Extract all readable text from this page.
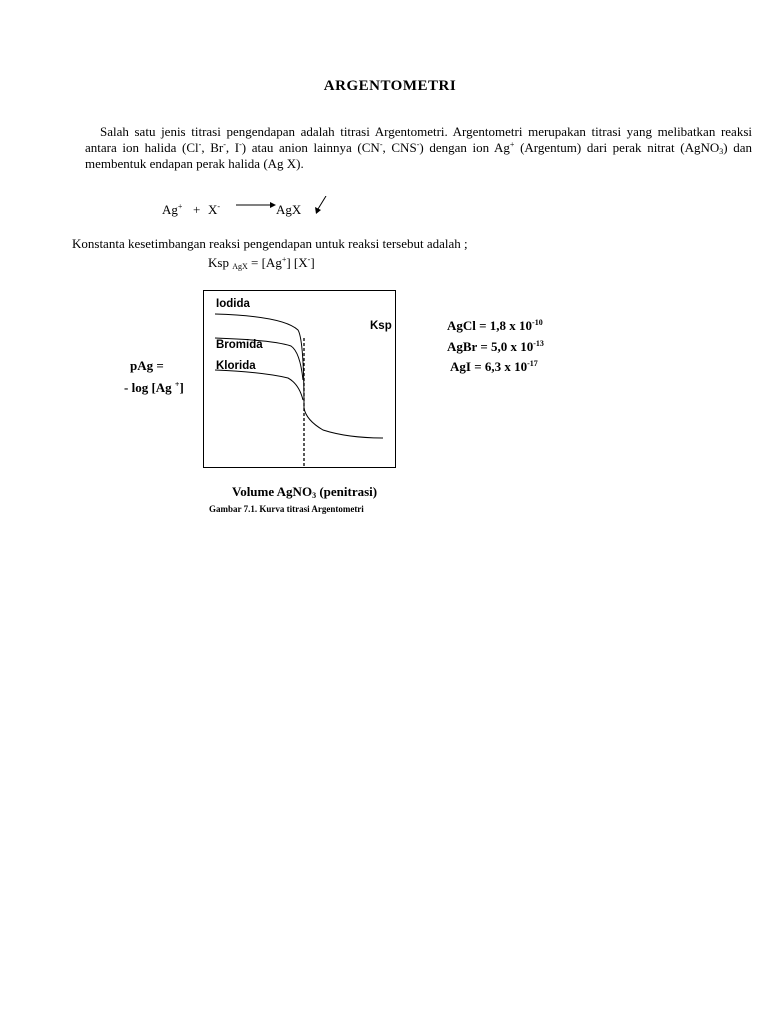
ARGENTOMETRI
Salah satu jenis titrasi pengendapan adalah titrasi Argentometri. Argentometri merupakan titrasi yang melibatkan reaksi antara ion halida (Cl-, Br-, I-) atau anion lainnya (CN-, CNS-) dengan ion Ag+ (Argentum) dari perak nitrat (AgNO$_3$) dan membentuk endapan perak halida (Ag X).
Ag+ + X-	AgX
Konstanta kesetimbangan reaksi pengendapan untuk reaksi tersebut adalah ;
Ksp $_{AgX}$ = [Ag+] [X-]
pAg =
- log [Ag +]
Iodida
Bromida
Klorida
Ksp	AgCl = 1,8 x $10^{-10}$
AgBr = 5,0 x $10^{-13}$
AgI = 6,3 x $10^{-17}$
Volume AgNO$_3$ (penitrasi)
Gambar 7.1. Kurva titrasi Argentometri
